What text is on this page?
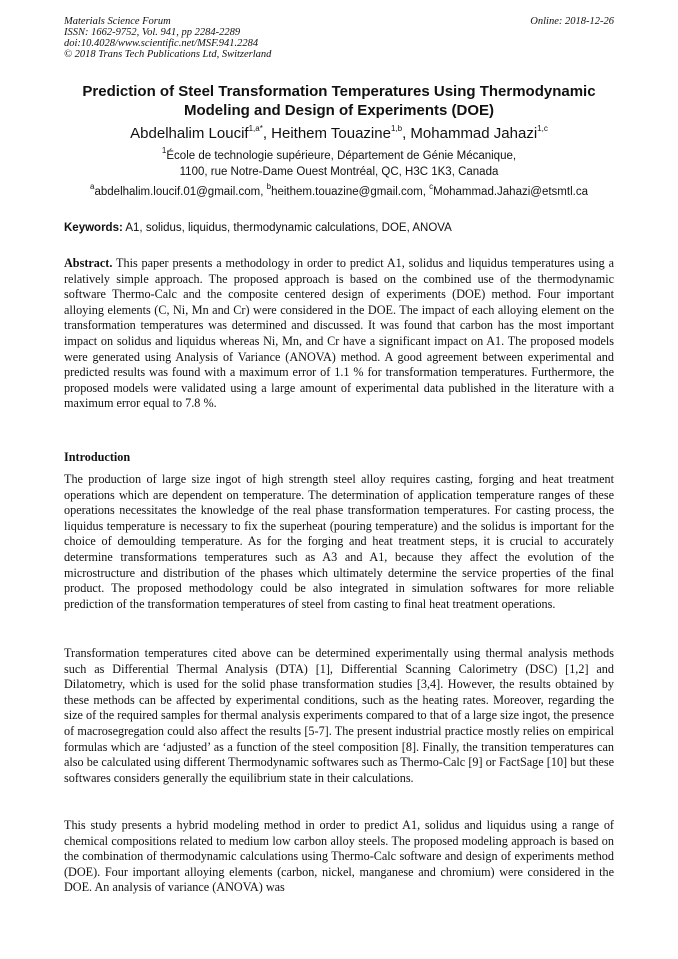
Materials Science Forum
ISSN: 1662-9752, Vol. 941, pp 2284-2289
doi:10.4028/www.scientific.net/MSF.941.2284
© 2018 Trans Tech Publications Ltd, Switzerland
Online: 2018-12-26
Prediction of Steel Transformation Temperatures Using Thermodynamic Modeling and Design of Experiments (DOE)
Abdelhalim Loucif$^{1,a*}$, Heithem Touazine$^{1,b}$, Mohammad Jahazi$^{1,c}$
$^1$École de technologie supérieure, Département de Génie Mécanique,
1100, rue Notre-Dame Ouest Montréal, QC, H3C 1K3, Canada
$^a$abdelhalim.loucif.01@gmail.com, $^b$heithem.touazine@gmail.com, $^c$Mohammad.Jahazi@etsmtl.ca
Keywords: A1, solidus, liquidus, thermodynamic calculations, DOE, ANOVA
Abstract. This paper presents a methodology in order to predict A1, solidus and liquidus temperatures using a relatively simple approach. The proposed approach is based on the combined use of the thermodynamic software Thermo-Calc and the composite centered design of experiments (DOE) method. Four important alloying elements (C, Ni, Mn and Cr) were considered in the DOE. The impact of each alloying element on the transformation temperatures was determined and discussed. It was found that carbon has the most important impact on solidus and liquidus whereas Ni, Mn, and Cr have a significant impact on A1. The proposed models were generated using Analysis of Variance (ANOVA) method. A good agreement between experimental and predicted results was found with a maximum error of 1.1 % for transformation temperatures. Furthermore, the proposed models were validated using a large amount of experimental data published in the literature with a maximum error equal to 7.8 %.
Introduction
The production of large size ingot of high strength steel alloy requires casting, forging and heat treatment operations which are dependent on temperature. The determination of application temperature ranges of these operations necessitates the knowledge of the real phase transformation temperatures. For casting process, the liquidus temperature is necessary to fix the superheat (pouring temperature) and the solidus is important for the choice of demoulding temperature. As for the forging and heat treatment steps, it is crucial to accurately determine transformations temperatures such as A3 and A1, because they affect the evolution of the microstructure and distribution of the phases which ultimately determine the service properties of the final product. The proposed methodology could be also integrated in simulation softwares for more reliable prediction of the transformation temperatures of steel from casting to final heat treatment operations.
Transformation temperatures cited above can be determined experimentally using thermal analysis methods such as Differential Thermal Analysis (DTA) [1], Differential Scanning Calorimetry (DSC) [1,2] and Dilatometry, which is used for the solid phase transformation studies [3,4]. However, the results obtained by these methods can be affected by experimental conditions, such as the heating rates. Moreover, regarding the size of the required samples for thermal analysis experiments compared to that of a large size ingot, the presence of macrosegregation could also affect the results [5-7]. The present industrial practice mostly relies on empirical formulas which are ‘adjusted’ as a function of the steel composition [8]. Finally, the transition temperatures can also be calculated using different Thermodynamic softwares such as Thermo-Calc [9] or FactSage [10] but these softwares considers generally the equilibrium state in their calculations.
This study presents a hybrid modeling method in order to predict A1, solidus and liquidus using a range of chemical compositions related to medium low carbon alloy steels. The proposed modeling approach is based on the combination of thermodynamic calculations using Thermo-Calc software and design of experiments method (DOE). Four important alloying elements (carbon, nickel, manganese and chromium) were considered in the DOE. An analysis of variance (ANOVA) was
